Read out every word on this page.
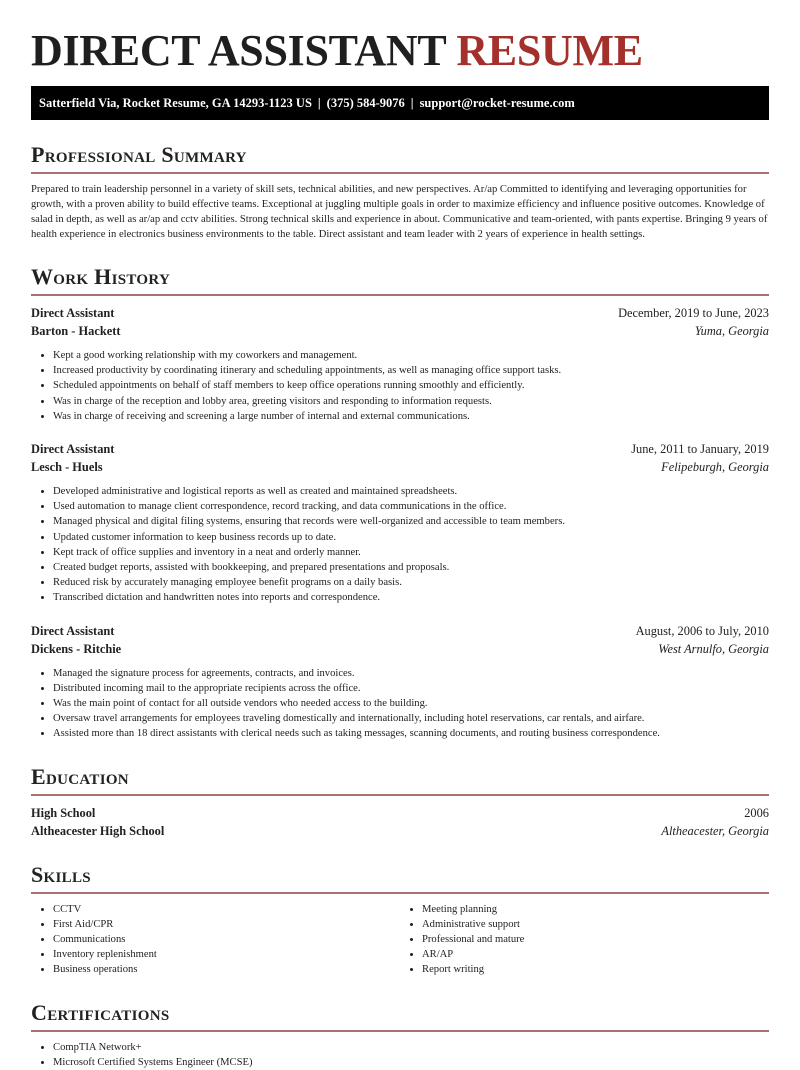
DIRECT ASSISTANT RESUME
Satterfield Via, Rocket Resume, GA 14293-1123 US | (375) 584-9076 | support@rocket-resume.com
Professional Summary

Prepared to train leadership personnel in a variety of skill sets, technical abilities, and new perspectives. Ar/ap Committed to identifying and leveraging opportunities for growth, with a proven ability to build effective teams. Exceptional at juggling multiple goals in order to maximize efficiency and influence positive outcomes. Knowledge of salad in depth, as well as ar/ap and cctv abilities. Strong technical skills and experience in about. Communicative and team-oriented, with pants expertise. Bringing 9 years of health experience in electronics business environments to the table. Direct assistant and team leader with 2 years of experience in health settings.

Work History
Direct Assistant	December, 2019 to June, 2023
Barton - Hackett	Yuma, Georgia
• Kept a good working relationship with my coworkers and management.
• Increased productivity by coordinating itinerary and scheduling appointments, as well as managing office support tasks.
• Scheduled appointments on behalf of staff members to keep office operations running smoothly and efficiently.
• Was in charge of the reception and lobby area, greeting visitors and responding to information requests.
• Was in charge of receiving and screening a large number of internal and external communications.
Direct Assistant	June, 2011 to January, 2019
Lesch - Huels	Felipeburgh, Georgia
• Developed administrative and logistical reports as well as created and maintained spreadsheets.
• Used automation to manage client correspondence, record tracking, and data communications in the office.
• Managed physical and digital filing systems, ensuring that records were well-organized and accessible to team members.
• Updated customer information to keep business records up to date.
• Kept track of office supplies and inventory in a neat and orderly manner.
• Created budget reports, assisted with bookkeeping, and prepared presentations and proposals.
• Reduced risk by accurately managing employee benefit programs on a daily basis.
• Transcribed dictation and handwritten notes into reports and correspondence.
Direct Assistant	August, 2006 to July, 2010
Dickens - Ritchie	West Arnulfo, Georgia
• Managed the signature process for agreements, contracts, and invoices.
• Distributed incoming mail to the appropriate recipients across the office.
• Was the main point of contact for all outside vendors who needed access to the building.
• Oversaw travel arrangements for employees traveling domestically and internationally, including hotel reservations, car rentals, and airfare.
• Assisted more than 18 direct assistants with clerical needs such as taking messages, scanning documents, and routing business correspondence.
Education
High School	2006
Altheacester High School	Altheacester, Georgia
Skills
• CCTV
• First Aid/CPR
• Communications
• Inventory replenishment
• Business operations
• Meeting planning
• Administrative support
• Professional and mature
• AR/AP
• Report writing
Certifications
• CompTIA Network+
• Microsoft Certified Systems Engineer (MCSE)
